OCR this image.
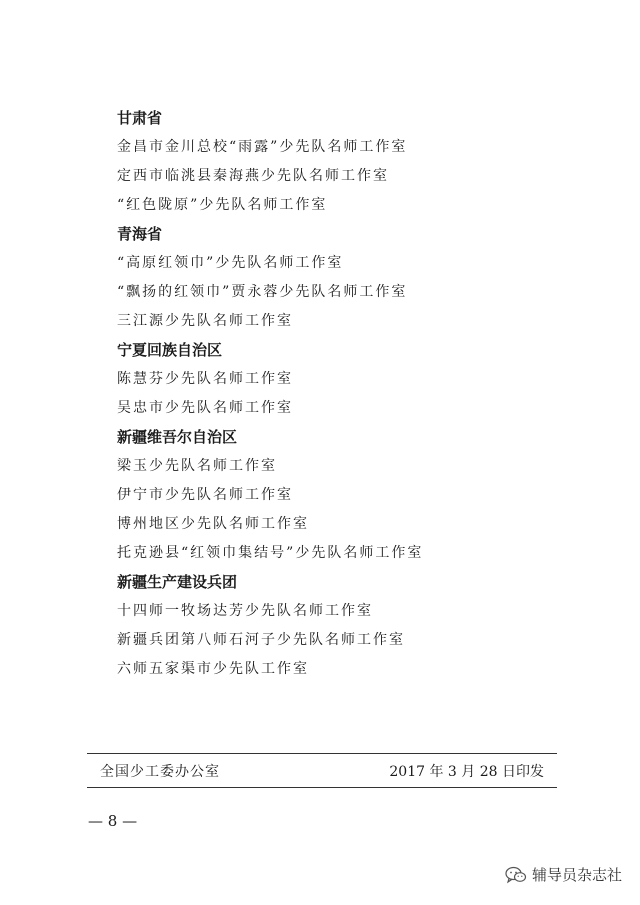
甘肃省
金昌市金川总校“雨露”少先队名师工作室
定西市临洮县秦海燕少先队名师工作室
“红色陇原”少先队名师工作室
青海省
“高原红领巾”少先队名师工作室
“飘扬的红领巾”贾永蓉少先队名师工作室
三江源少先队名师工作室
宁夏回族自治区
陈慧芬少先队名师工作室
吴忠市少先队名师工作室
新疆维吾尔自治区
梁玉少先队名师工作室
伊宁市少先队名师工作室
博州地区少先队名师工作室
托克逊县“红领巾集结号”少先队名师工作室
新疆生产建设兵团
十四师一牧场达芳少先队名师工作室
新疆兵团第八师石河子少先队名师工作室
六师五家渠市少先队工作室
全国少工委办公室	2017 年 3 月 28 日印发
— 8 —
辅导员杂志社
